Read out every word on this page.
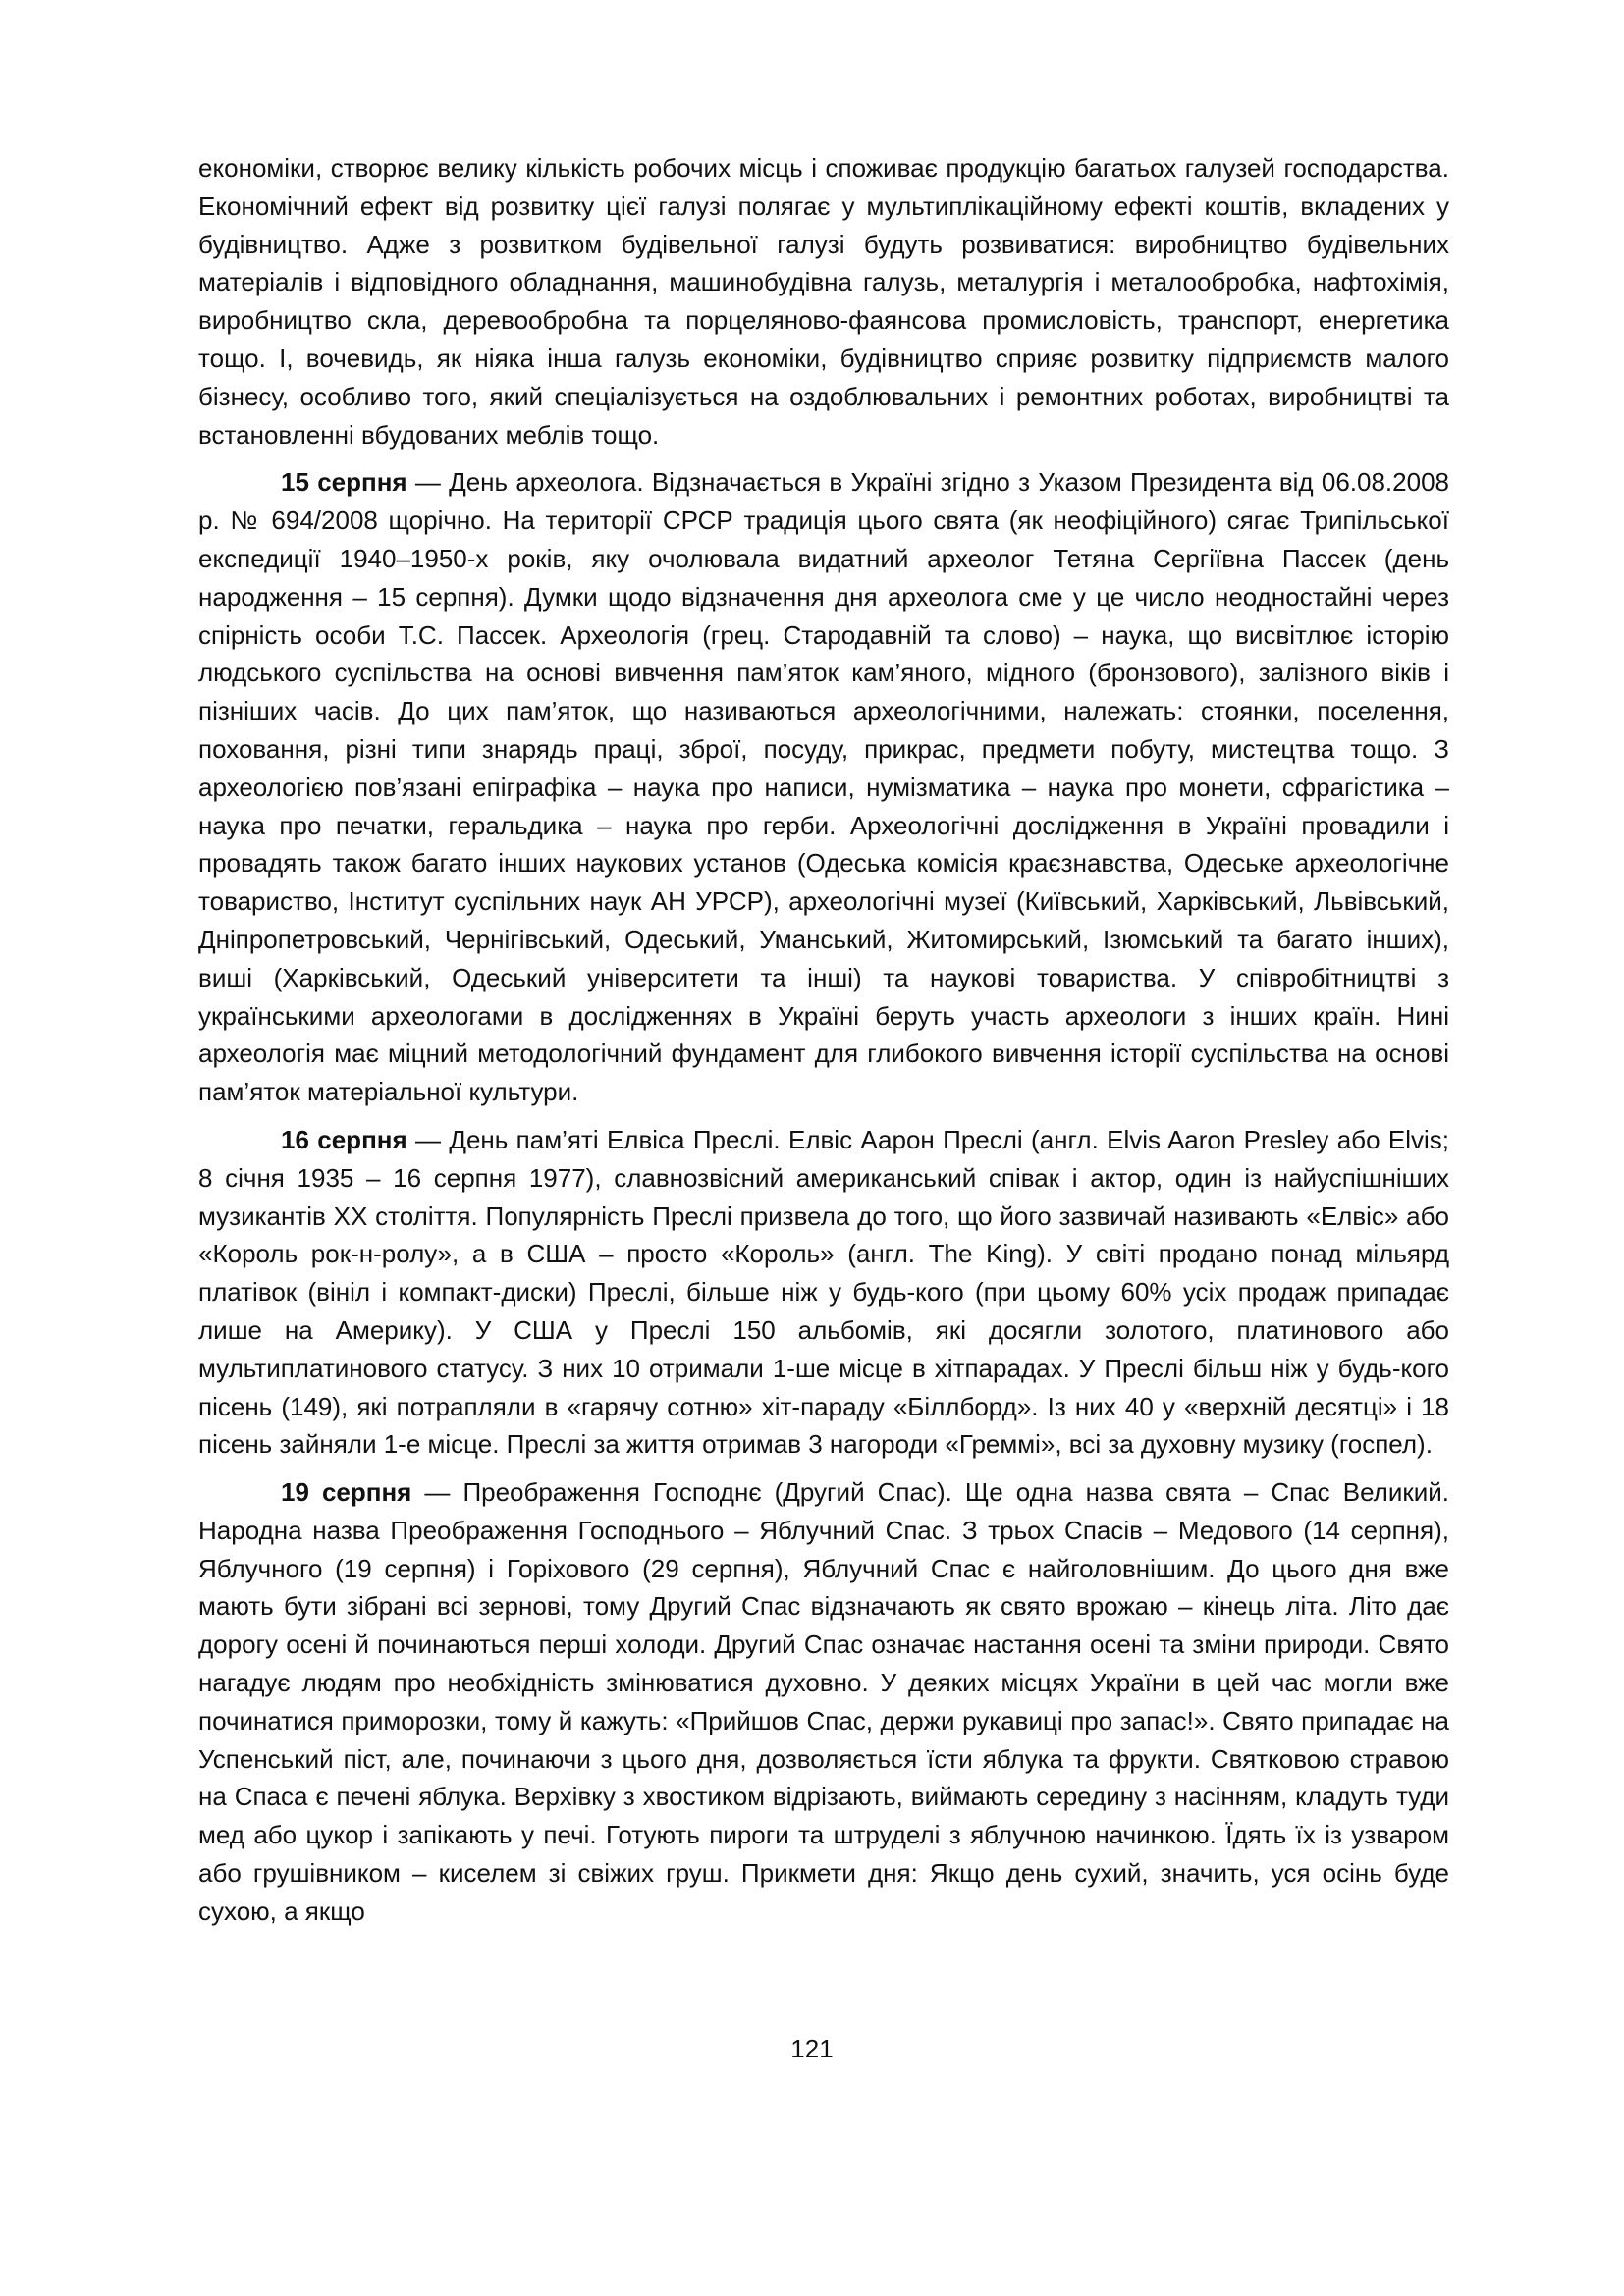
економіки, створює велику кількість робочих місць і споживає продукцію багатьох галузей господарства. Економічний ефект від розвитку цієї галузі полягає у мультиплікаційному ефекті коштів, вкладених у будівництво. Адже з розвитком будівельної галузі будуть розвиватися: виробництво будівельних матеріалів і відповідного обладнання, машинобудівна галузь, металургія і металообробка, нафтохімія, виробництво скла, деревообробна та порцеляново-фаянсова промисловість, транспорт, енергетика тощо. І, вочевидь, як ніяка інша галузь економіки, будівництво сприяє розвитку підприємств малого бізнесу, особливо того, який спеціалізується на оздоблювальних і ремонтних роботах, виробництві та встановленні вбудованих меблів тощо.

15 серпня — День археолога. Відзначається в Україні згідно з Указом Президента від 06.08.2008 р. № 694/2008 щорічно. На території СРСР традиція цього свята (як неофіційного) сягає Трипільської експедиції 1940–1950-х років, яку очолювала видатний археолог Тетяна Сергіївна Пассек (день народження – 15 серпня). Думки щодо відзначення дня археолога сме у це число неодностайні через спірність особи Т.С. Пассек. Археологія (грец. Стародавній та слово) – наука, що висвітлює історію людського суспільства на основі вивчення пам’яток кам’яного, мідного (бронзового), залізного віків і пізніших часів. До цих пам’яток, що називаються археологічними, належать: стоянки, поселення, поховання, різні типи знарядь праці, зброї, посуду, прикрас, предмети побуту, мистецтва тощо. З археологією пов’язані епіграфіка – наука про написи, нумізматика – наука про монети, сфрагістика – наука про печатки, геральдика – наука про герби. Археологічні дослідження в Україні провадили і провадять також багато інших наукових установ (Одеська комісія краєзнавства, Одеське археологічне товариство, Інститут суспільних наук АН УРСР), археологічні музеї (Київський, Харківський, Львівський, Дніпропетровський, Чернігівський, Одеський, Уманський, Житомирський, Ізюмський та багато інших), виші (Харківський, Одеський університети та інші) та наукові товариства. У співробітництві з українськими археологами в дослідженнях в Україні беруть участь археологи з інших країн. Нині археологія має міцний методологічний фундамент для глибокого вивчення історії суспільства на основі пам’яток матеріальної культури.

16 серпня — День пам’яті Елвіса Преслі. Елвіс Аарон Преслі (англ. Elvis Aaron Presley або Elvis; 8 січня 1935 – 16 серпня 1977), славнозвісний американський співак і актор, один із найуспішніших музикантів XX століття. Популярність Преслі призвела до того, що його зазвичай називають «Елвіс» або «Король рок-н-ролу», а в США – просто «Король» (англ. The King). У світі продано понад мільярд платівок (вініл і компакт-диски) Преслі, більше ніж у будь-кого (при цьому 60% усіх продаж припадає лише на Америку). У США у Преслі 150 альбомів, які досягли золотого, платинового або мультиплатинового статусу. З них 10 отримали 1-ше місце в хітпарадах. У Преслі більш ніж у будь-кого пісень (149), які потрапляли в «гарячу сотню» хіт-параду «Біллборд». Із них 40 у «верхній десятці» і 18 пісень зайняли 1-е місце. Преслі за життя отримав 3 нагороди «Греммі», всі за духовну музику (госпел).

19 серпня — Преображення Господнє (Другий Спас). Ще одна назва свята – Спас Великий. Народна назва Преображення Господнього – Яблучний Спас. З трьох Спасів – Медового (14 серпня), Яблучного (19 серпня) і Горіхового (29 серпня), Яблучний Спас є найголовнішим. До цього дня вже мають бути зібрані всі зернові, тому Другий Спас відзначають як свято врожаю – кінець літа. Літо дає дорогу осені й починаються перші холоди. Другий Спас означає настання осені та зміни природи. Свято нагадує людям про необхідність змінюватися духовно. У деяких місцях України в цей час могли вже починатися приморозки, тому й кажуть: «Прийшов Спас, держи рукавиці про запас!». Свято припадає на Успенський піст, але, починаючи з цього дня, дозволяється їсти яблука та фрукти. Святковою стравою на Спаса є печені яблука. Верхівку з хвостиком відрізають, виймають середину з насінням, кладуть туди мед або цукор і запікають у печі. Готують пироги та штруделі з яблучною начинкою. Їдять їх із узваром або грушівником – киселем зі свіжих груш. Прикмети дня: Якщо день сухий, значить, уся осінь буде сухою, а якщо

121
